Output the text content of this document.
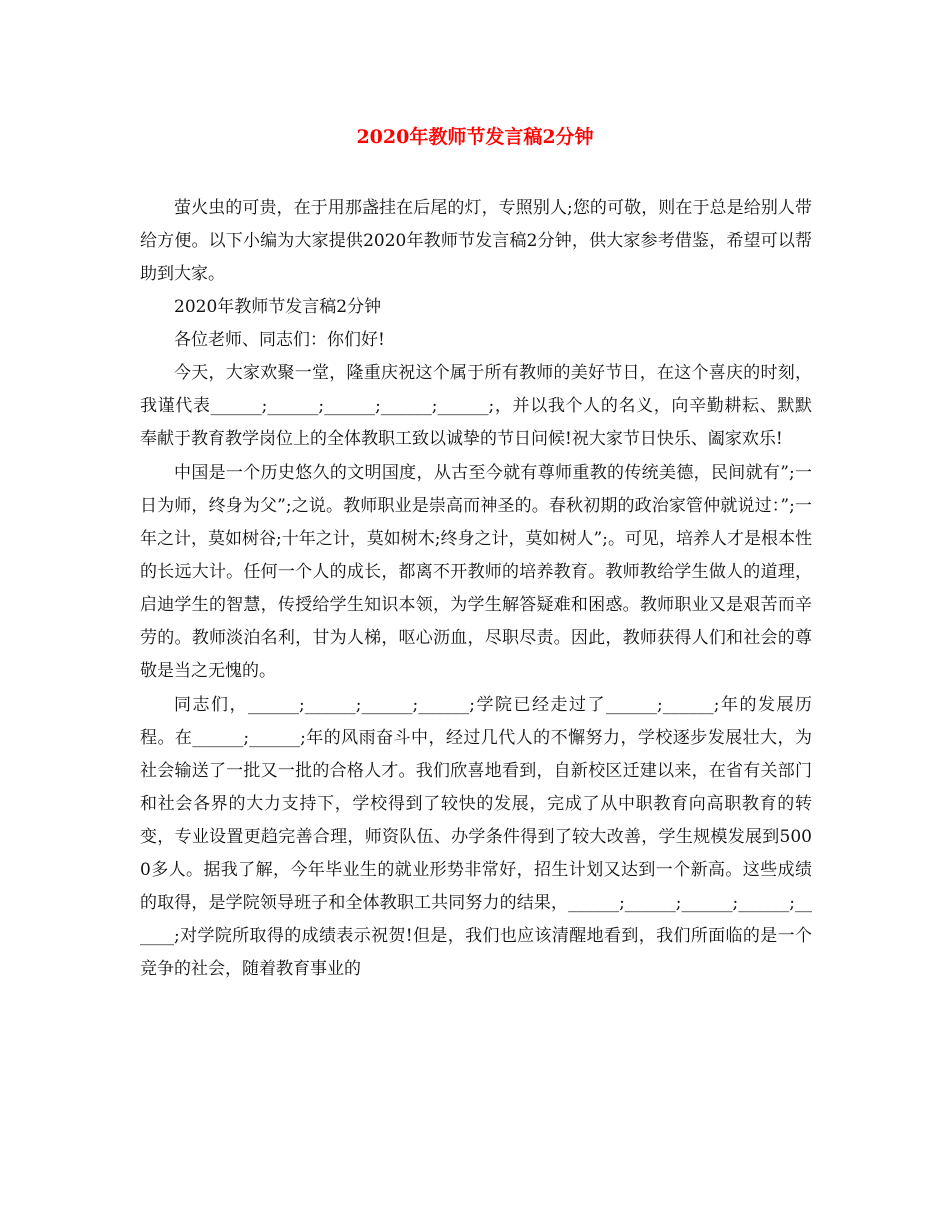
2020年教师节发言稿2分钟

萤火虫的可贵，在于用那盏挂在后尾的灯，专照别人;您的可敬，则在于总是给别人带给方便。以下小编为大家提供2020年教师节发言稿2分钟，供大家参考借鉴，希望可以帮助到大家。

2020年教师节发言稿2分钟

各位老师、同志们：你们好!

今天，大家欢聚一堂，隆重庆祝这个属于所有教师的美好节日，在这个喜庆的时刻，我谨代表______;______;______;______;______;，并以我个人的名义，向辛勤耕耘、默默奉献于教育教学岗位上的全体教职工致以诚挚的节日问候!祝大家节日快乐、阖家欢乐!

中国是一个历史悠久的文明国度，从古至今就有尊师重教的传统美德，民间就有”;一日为师，终身为父”;之说。教师职业是崇高而神圣的。春秋初期的政治家管仲就说过：”;一年之计，莫如树谷;十年之计，莫如树木;终身之计，莫如树人”;。可见，培养人才是根本性的长远大计。任何一个人的成长，都离不开教师的培养教育。教师教给学生做人的道理，启迪学生的智慧，传授给学生知识本领，为学生解答疑难和困惑。教师职业又是艰苦而辛劳的。教师淡泊名利，甘为人梯，呕心沥血，尽职尽责。因此，教师获得人们和社会的尊敬是当之无愧的。

同志们，______;______;______;______;学院已经走过了______;______;年的发展历程。在______;______;年的风雨奋斗中，经过几代人的不懈努力，学校逐步发展壮大，为社会输送了一批又一批的合格人才。我们欣喜地看到，自新校区迁建以来，在省有关部门和社会各界的大力支持下，学校得到了较快的发展，完成了从中职教育向高职教育的转变，专业设置更趋完善合理，师资队伍、办学条件得到了较大改善，学生规模发展到5000多人。据我了解，今年毕业生的就业形势非常好，招生计划又达到一个新高。这些成绩的取得，是学院领导班子和全体教职工共同努力的结果，______;______;______;______;______;对学院所取得的成绩表示祝贺!但是，我们也应该清醒地看到，我们所面临的是一个竞争的社会，随着教育事业的
